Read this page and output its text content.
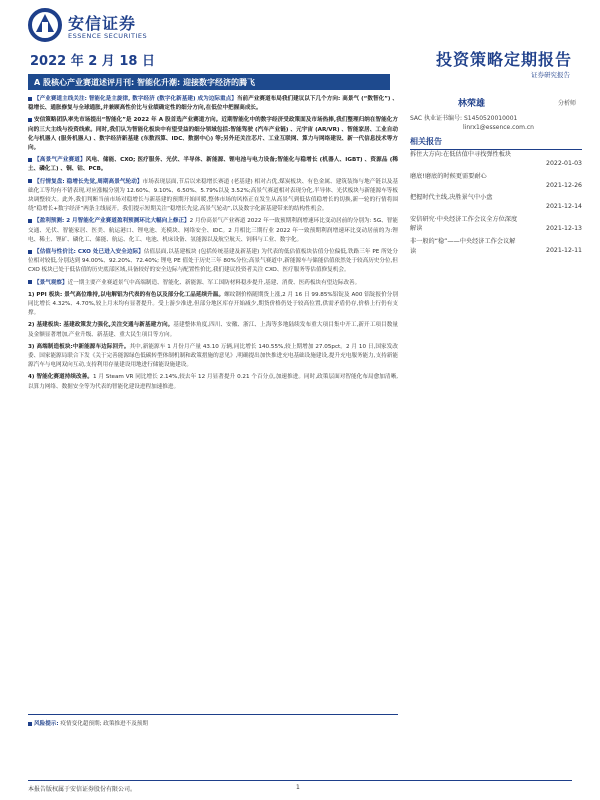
安信证券
ESSENCE SECURITIES
2022 年 2 月 18 日	投资策略定期报告
证券研究报告
A 股核心产业赛道述评月刊: 智能化升潮: 迎接数字经济的腾飞

【产业赛道主线关注: 智能化是主旋律, 数字经济 (数字化新基建) 成为边际重点】当前产业赛道布局我们建议以下几个方向: 高景气 (“数智化”) 、稳增长、通胀修复与全球通胀,并兼顾高性价比与业绩确定性的细分方向,在低位中把握高成长。

安信策略团队率先市场提出“智能化”是 2022 年 A 股首选产业赛道方向。近期智能化中的数字经济受政策面及市场热捧,我们整理归纳在智能化方向的三大主线与投资线索。同时,我们认为智能化板块中有望受益的细分领域包括:智能驾驶 (汽车产业链) 、元宇宙 (AR/VR) 、智能家居、工业自动化与机器人 (服务机器人) 、数字经济新基建 (东数西算、IDC、数据中心) 等;另外还关注芯片、工业互联网、算力与网络建设、新一代信息技术等方向。

【高景气产业赛道】风电、储能、CXO; 医疗服务、光伏、半导体、新能源、锂电池与电力设备;智能化与稳增长 (机器人、IGBT) 、资源品 (稀土、磷化工) 、铜、钴、PCB。

【行情复盘: 稳增长先觉,周期高景气轮动】市场表现层面,节后以来稳增长赛道 (老基建) 相对占优,煤炭板块、有色金属、建筑装饰与地产链以及基础化工等均有不错表现,对应涨幅分别为 12.60%、9.10%、6.50%、5.79%以及 3.52%;高景气赛道相对表现分化,半导体、光伏板块与新能源车等板块调整较大。此外,我们判断当前市场对稳增长与新基建的预期开始回暖,整体市场的风格正在发生从高景气到低估值稳增长的切换,新一轮的行情将围绕“稳增长+数字经济”两条主线展开。我们提示短期关注“稳增长先觉,高景气轮动”,以及数字化新基建带来的结构性机会。

【盈利预测: 2 月智能化产业赛道盈利预测环比大幅向上修正】2 月份高景气产业赛道 2022 年一致预期利润增速环比变动居前的分别为: 5G、智能交通、光伏、智能家居、医美、航运港口、锂电池、光模块、网络安全、IDC。2 月相比三期行业 2022 年一致预期利润增速环比变动居前的为:锂电、稀土、锂矿、磷化工、储能、航运、化工、电池、机床设备、氢能源以及航空航天、饲料与工业、数字化。

【估值与性价比: CXO 处已进入安全边际】估值层面,以基建板块 (包括传统基建及新基建) 为代表的低估值板块估值分位偏低,铁路三年 PE 所处分位相对较低,分别达到 94.00%、92.20%、72.40%; 锂电 PE 值处于历史三年 80%分位;高景气赛道中,新能源车与储能估值依然处于较高历史分位,但 CXO 板块已处于低估值的历史底部区域,具备较好的安全边际与配置性价比,我们建议投资者关注 CXO、医疗服务等估值修复机会。

【景气观察】近一期主要产业赛道景气中高端制造、智能化、新能源、军工国防材料稳步提升,基建、消费、医药板块有望边际改善。

1) PPI 板块: 景气高位维持,以电解铝为代表的有色以及部分化工品延续升温。螺纹钢价格随期货上涨,2 月 16 日 99.85%铝锭及 A00 铝锭报价分别同比增长 4.32%、4.70%,较上月末均有显著提升。受上游少准进,但部分地区库存开始减少,期货价格仍处于较高位置,供需矛盾仍存,价格上行仍有支撑。

2) 基建板块: 基建政策发力强化,关注交通与新基建方向。基建整体角度,四川、安徽、浙江、上海等多地陆续发布重大项目集中开工,新开工项目数量及金额显著增加,产业升级、新基建、重大民生项目等方向。

3) 高端制造板块:中新能源车边际回升。其中,新能源车 1 月份月产量 43.10 万辆,同比增长 140.55%,较上期增加 27.05pct。2 月 10 日,国家发改委、国家能源局联合下发《关于完善能源绿色低碳转型体制机制和政策措施的意见》,明确提出加快推进充电基础设施建设,提升充电服务能力,支持新能源汽车与电网双向互动,支持利用存量建设用地进行储能设施建设。

4) 智能化赛道持续改善。1 月 Steam VR 同比增长 2.14%,较去年 12 月显著提升 0.21 个百分点,加速推进。同时,政策层面对智能化布局愈加清晰,以算力网络、数据安全等为代表的智能化建设进程加速推进。

林荣雄	分析师
SAC 执业证书编号: S1450520010001
linrx1@essence.com.cn
相关报告
拆住大方向:在低估值中寻找弹性板块
2022-01-03
磨底!磨底的时候更需要耐心
2021-12-26
把握时代主线,决胜景气中小盘
2021-12-14
安信研究·中央经济工作会议全方位深度解读	2021-12-13
非一般的“稳”——中央经济工作会议解读	2021-12-11
风险提示: 疫情变化超预期; 政策推进不及预期
本报告版权属于安信证券股份有限公司。	1
